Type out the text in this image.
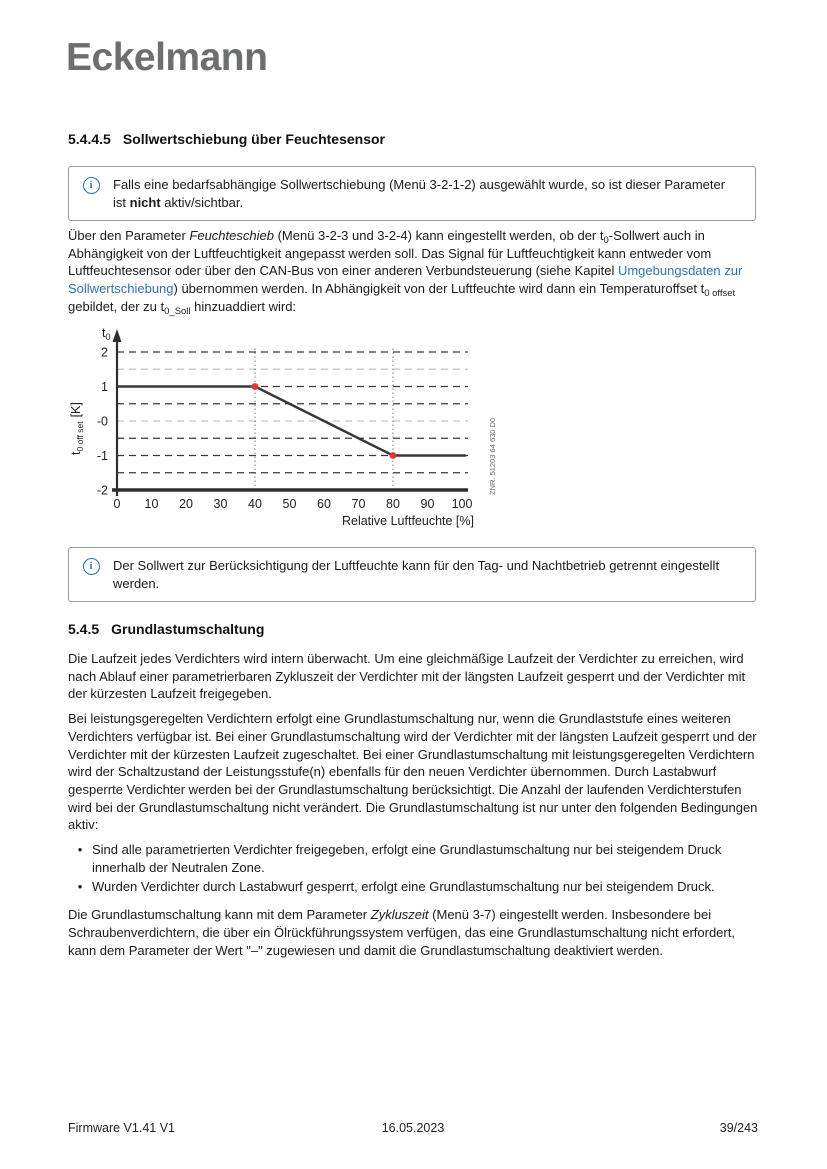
Eckelmann
5.4.4.5 Sollwertschiebung über Feuchtesensor
i	Falls eine bedarfsabhängige Sollwertschiebung (Menü 3-2-1-2) ausgewählt wurde, so ist dieser Parameter ist nicht aktiv/sichtbar.
Über den Parameter Feuchteschieb (Menü 3-2-3 und 3-2-4) kann eingestellt werden, ob der $t_0$-Sollwert auch in Abhängigkeit von der Luftfeuchtigkeit angepasst werden soll. Das Signal für Luftfeuchtigkeit kann entweder vom Luftfeuchtesensor oder über den CAN-Bus von einer anderen Verbundsteuerung (siehe Kapitel Umgebungsdaten zur Sollwertschiebung) übernommen werden. In Abhängigkeit von der Luftfeuchte wird dann ein Temperaturoffset $t_{0 offset}$ gebildet, der zu $t_{0\_Soll}$ hinzuaddiert wird:
0 10 20 30 40 50 60 70 80 90 100
2
1
-0
-1
-2
$t_0$
$t_{0 off set}[K]$
Relative Luftfeuchte [%]
ZNR. 51203 64 630 D0
i	Der Sollwert zur Berücksichtigung der Luftfeuchte kann für den Tag- und Nachtbetrieb getrennt eingestellt werden.
5.4.5 Grundlastumschaltung

Die Laufzeit jedes Verdichters wird intern überwacht. Um eine gleichmäßige Laufzeit der Verdichter zu erreichen, wird nach Ablauf einer parametrierbaren Zykluszeit der Verdichter mit der längsten Laufzeit gesperrt und der Verdichter mit der kürzesten Laufzeit freigegeben.

Bei leistungsgeregelten Verdichtern erfolgt eine Grundlastumschaltung nur, wenn die Grundlaststufe eines weiteren Verdichters verfügbar ist. Bei einer Grundlastumschaltung wird der Verdichter mit der längsten Laufzeit gesperrt und der Verdichter mit der kürzesten Laufzeit zugeschaltet. Bei einer Grundlastumschaltung mit leistungsgeregelten Verdichtern wird der Schaltzustand der Leistungsstufe(n) ebenfalls für den neuen Verdichter übernommen. Durch Lastabwurf gesperrte Verdichter werden bei der Grundlastumschaltung berücksichtigt. Die Anzahl der laufenden Verdichterstufen wird bei der Grundlastumschaltung nicht verändert. Die Grundlastumschaltung ist nur unter den folgenden Bedingungen aktiv:

• Sind alle parametrierten Verdichter freigegeben, erfolgt eine Grundlastumschaltung nur bei steigendem Druck innerhalb der Neutralen Zone.
• Wurden Verdichter durch Lastabwurf gesperrt, erfolgt eine Grundlastumschaltung nur bei steigendem Druck.

Die Grundlastumschaltung kann mit dem Parameter Zykluszeit (Menü 3-7) eingestellt werden. Insbesondere bei Schraubenverdichtern, die über ein Ölrückführungssystem verfügen, das eine Grundlastumschaltung nicht erfordert, kann dem Parameter der Wert "–" zugewiesen und damit die Grundlastumschaltung deaktiviert werden.

16.05.2023
Firmware V1.41 V1	39/243
